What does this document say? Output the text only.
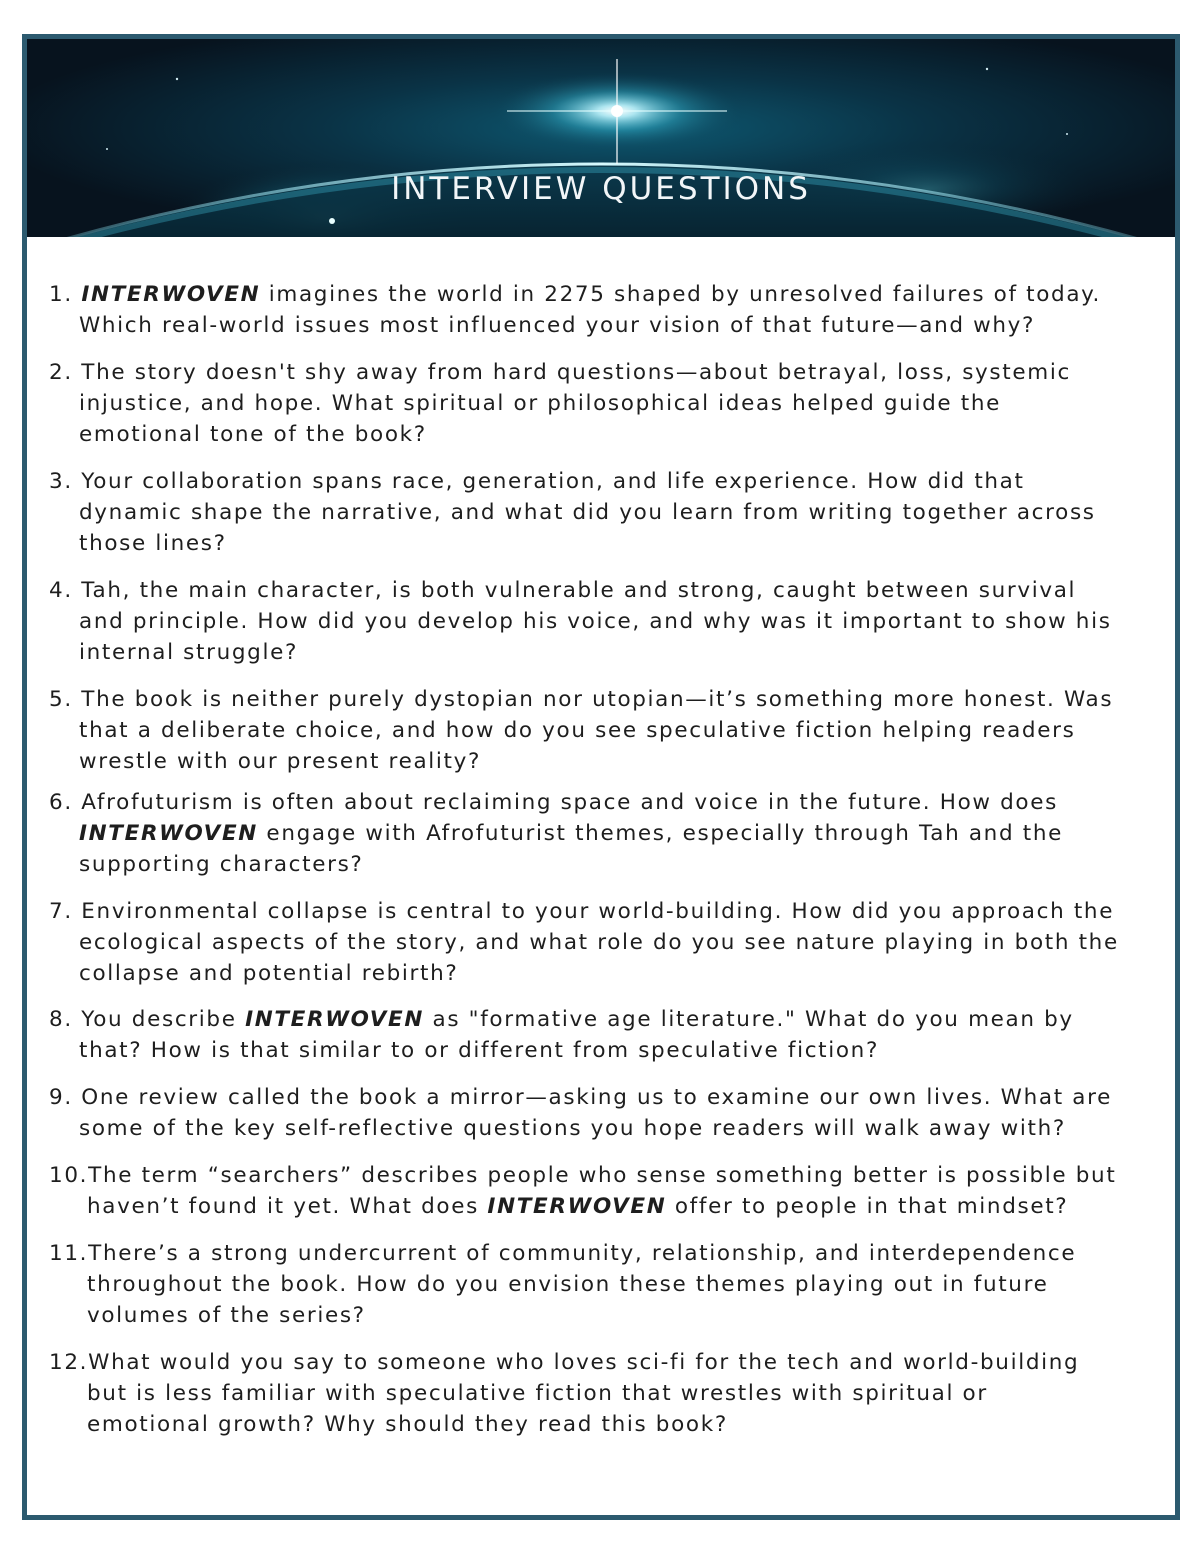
INTERVIEW QUESTIONS
1. INTERWOVEN imagines the world in 2275 shaped by unresolved failures of today.
Which real-world issues most influenced your vision of that future—and why?
2. The story doesn't shy away from hard questions—about betrayal, loss, systemic
injustice, and hope. What spiritual or philosophical ideas helped guide the
emotional tone of the book?
3. Your collaboration spans race, generation, and life experience. How did that
dynamic shape the narrative, and what did you learn from writing together across
those lines?
4. Tah, the main character, is both vulnerable and strong, caught between survival
and principle. How did you develop his voice, and why was it important to show his
internal struggle?
5. The book is neither purely dystopian nor utopian—it’s something more honest. Was
that a deliberate choice, and how do you see speculative fiction helping readers
wrestle with our present reality?
6. Afrofuturism is often about reclaiming space and voice in the future. How does
INTERWOVEN engage with Afrofuturist themes, especially through Tah and the
supporting characters?
7. Environmental collapse is central to your world-building. How did you approach the
ecological aspects of the story, and what role do you see nature playing in both the
collapse and potential rebirth?
8. You describe INTERWOVEN as "formative age literature." What do you mean by
that? How is that similar to or different from speculative fiction?
9. One review called the book a mirror—asking us to examine our own lives. What are
some of the key self-reflective questions you hope readers will walk away with?
10.The term “searchers” describes people who sense something better is possible but
haven’t found it yet. What does INTERWOVEN offer to people in that mindset?
11.There’s a strong undercurrent of community, relationship, and interdependence
throughout the book. How do you envision these themes playing out in future
volumes of the series?
12.What would you say to someone who loves sci-fi for the tech and world-building
but is less familiar with speculative fiction that wrestles with spiritual or
emotional growth? Why should they read this book?
